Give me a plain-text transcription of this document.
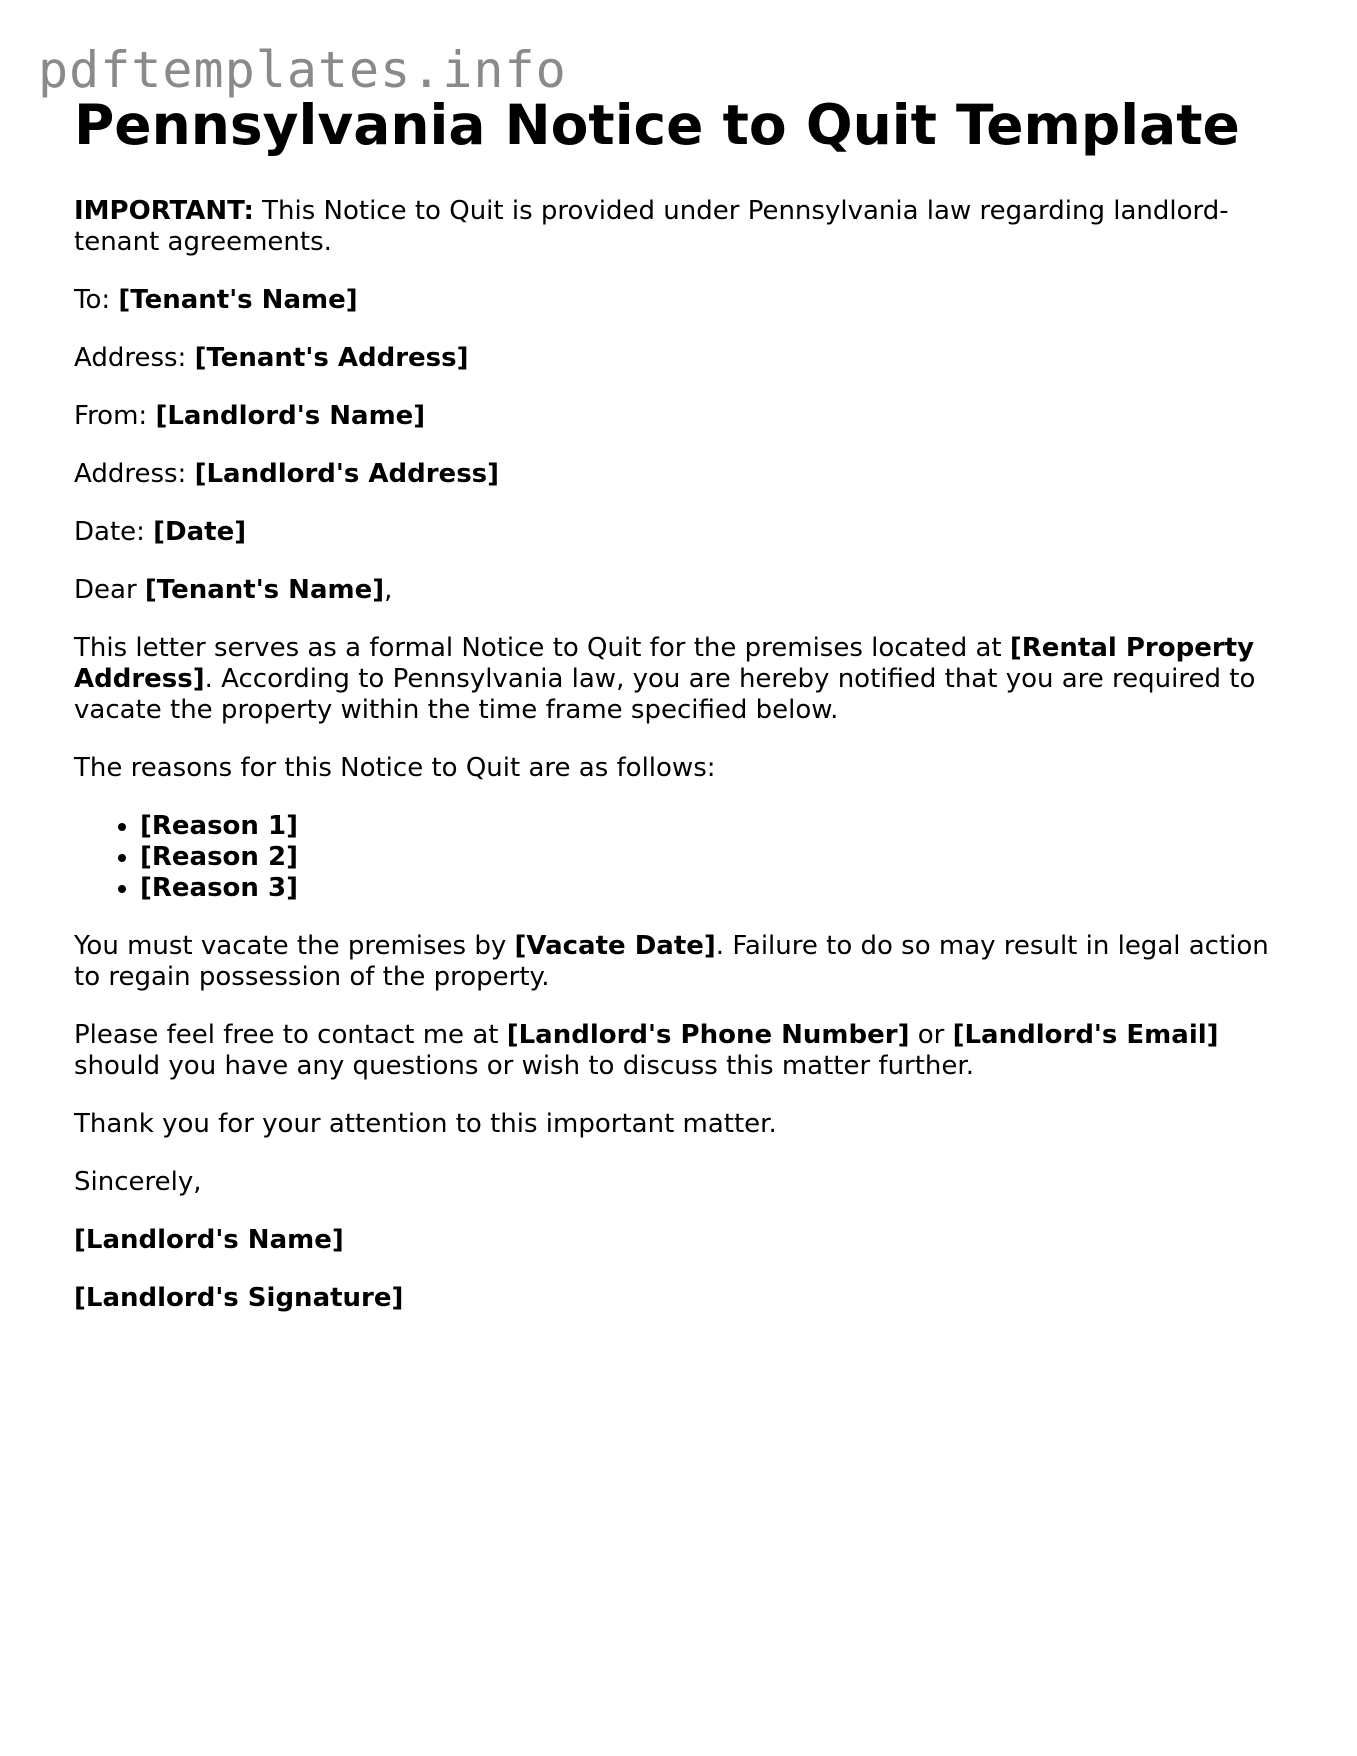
pdftemplates.info
Pennsylvania Notice to Quit Template

IMPORTANT: This Notice to Quit is provided under Pennsylvania law regarding landlord-tenant agreements.

To: [Tenant's Name]

Address: [Tenant's Address]

From: [Landlord's Name]

Address: [Landlord's Address]

Date: [Date]

Dear [Tenant's Name],

This letter serves as a formal Notice to Quit for the premises located at [Rental Property Address]. According to Pennsylvania law, you are hereby notified that you are required to vacate the property within the time frame specified below.

The reasons for this Notice to Quit are as follows:

• [Reason 1]
• [Reason 2]
• [Reason 3]

You must vacate the premises by [Vacate Date]. Failure to do so may result in legal action to regain possession of the property.

Please feel free to contact me at [Landlord's Phone Number] or [Landlord's Email] should you have any questions or wish to discuss this matter further.

Thank you for your attention to this important matter.

Sincerely,

[Landlord's Name]

[Landlord's Signature]
